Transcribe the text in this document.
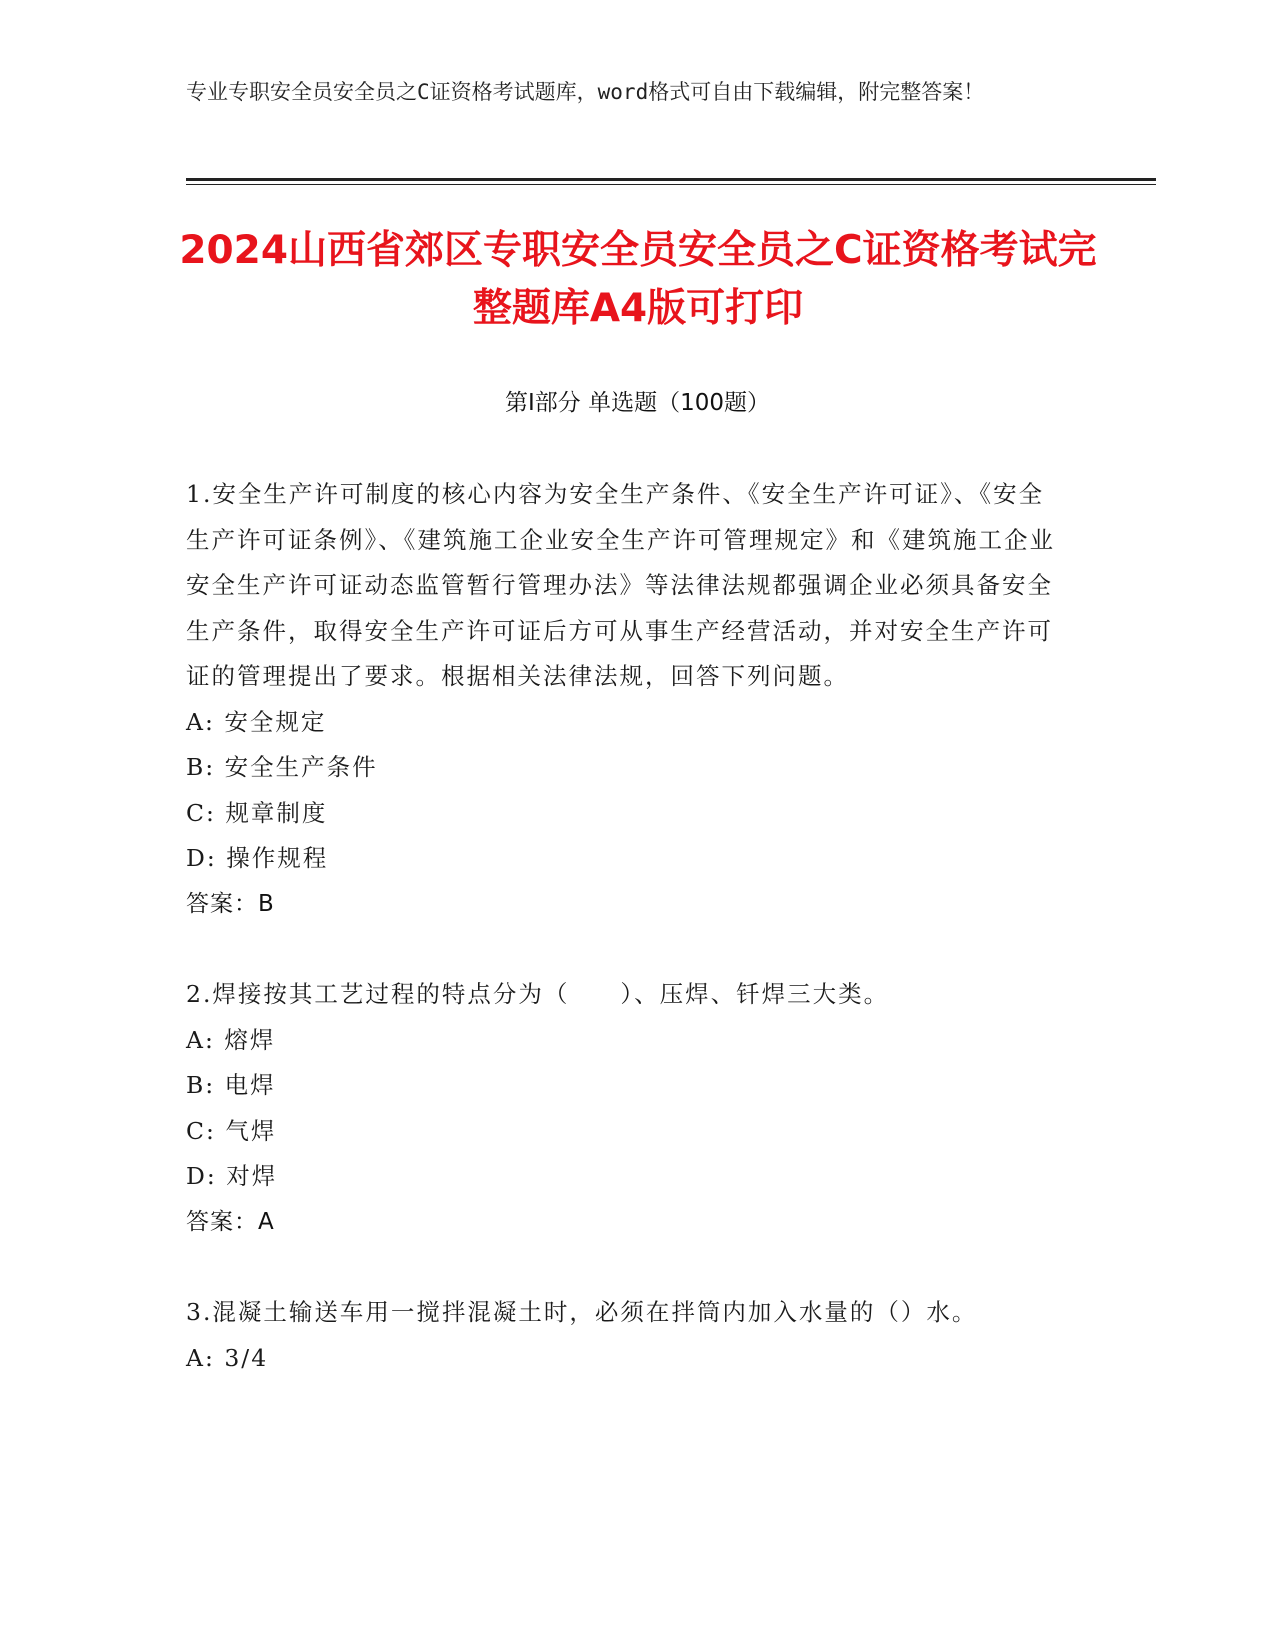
专业专职安全员安全员之C证资格考试题库，word格式可自由下载编辑，附完整答案！
2024山西省郊区专职安全员安全员之C证资格考试完整题库A4版可打印
第Ⅰ部分 单选题（100题）

1.安全生产许可制度的核心内容为安全生产条件、《安全生产许可证》、《安全生产许可证条例》、《建筑施工企业安全生产许可管理规定》和《建筑施工企业安全生产许可证动态监管暂行管理办法》等法律法规都强调企业必须具备安全生产条件，取得安全生产许可证后方可从事生产经营活动，并对安全生产许可证的管理提出了要求。根据相关法律法规，回答下列问题。

A: 安全规定

B: 安全生产条件

C: 规章制度

D: 操作规程

答案：B

2.焊接按其工艺过程的特点分为（　　）、压焊、钎焊三大类。

A: 熔焊

B: 电焊

C: 气焊

D: 对焊

答案：A

3.混凝土输送车用一搅拌混凝土时，必须在拌筒内加入水量的（）水。

A: 3/4
